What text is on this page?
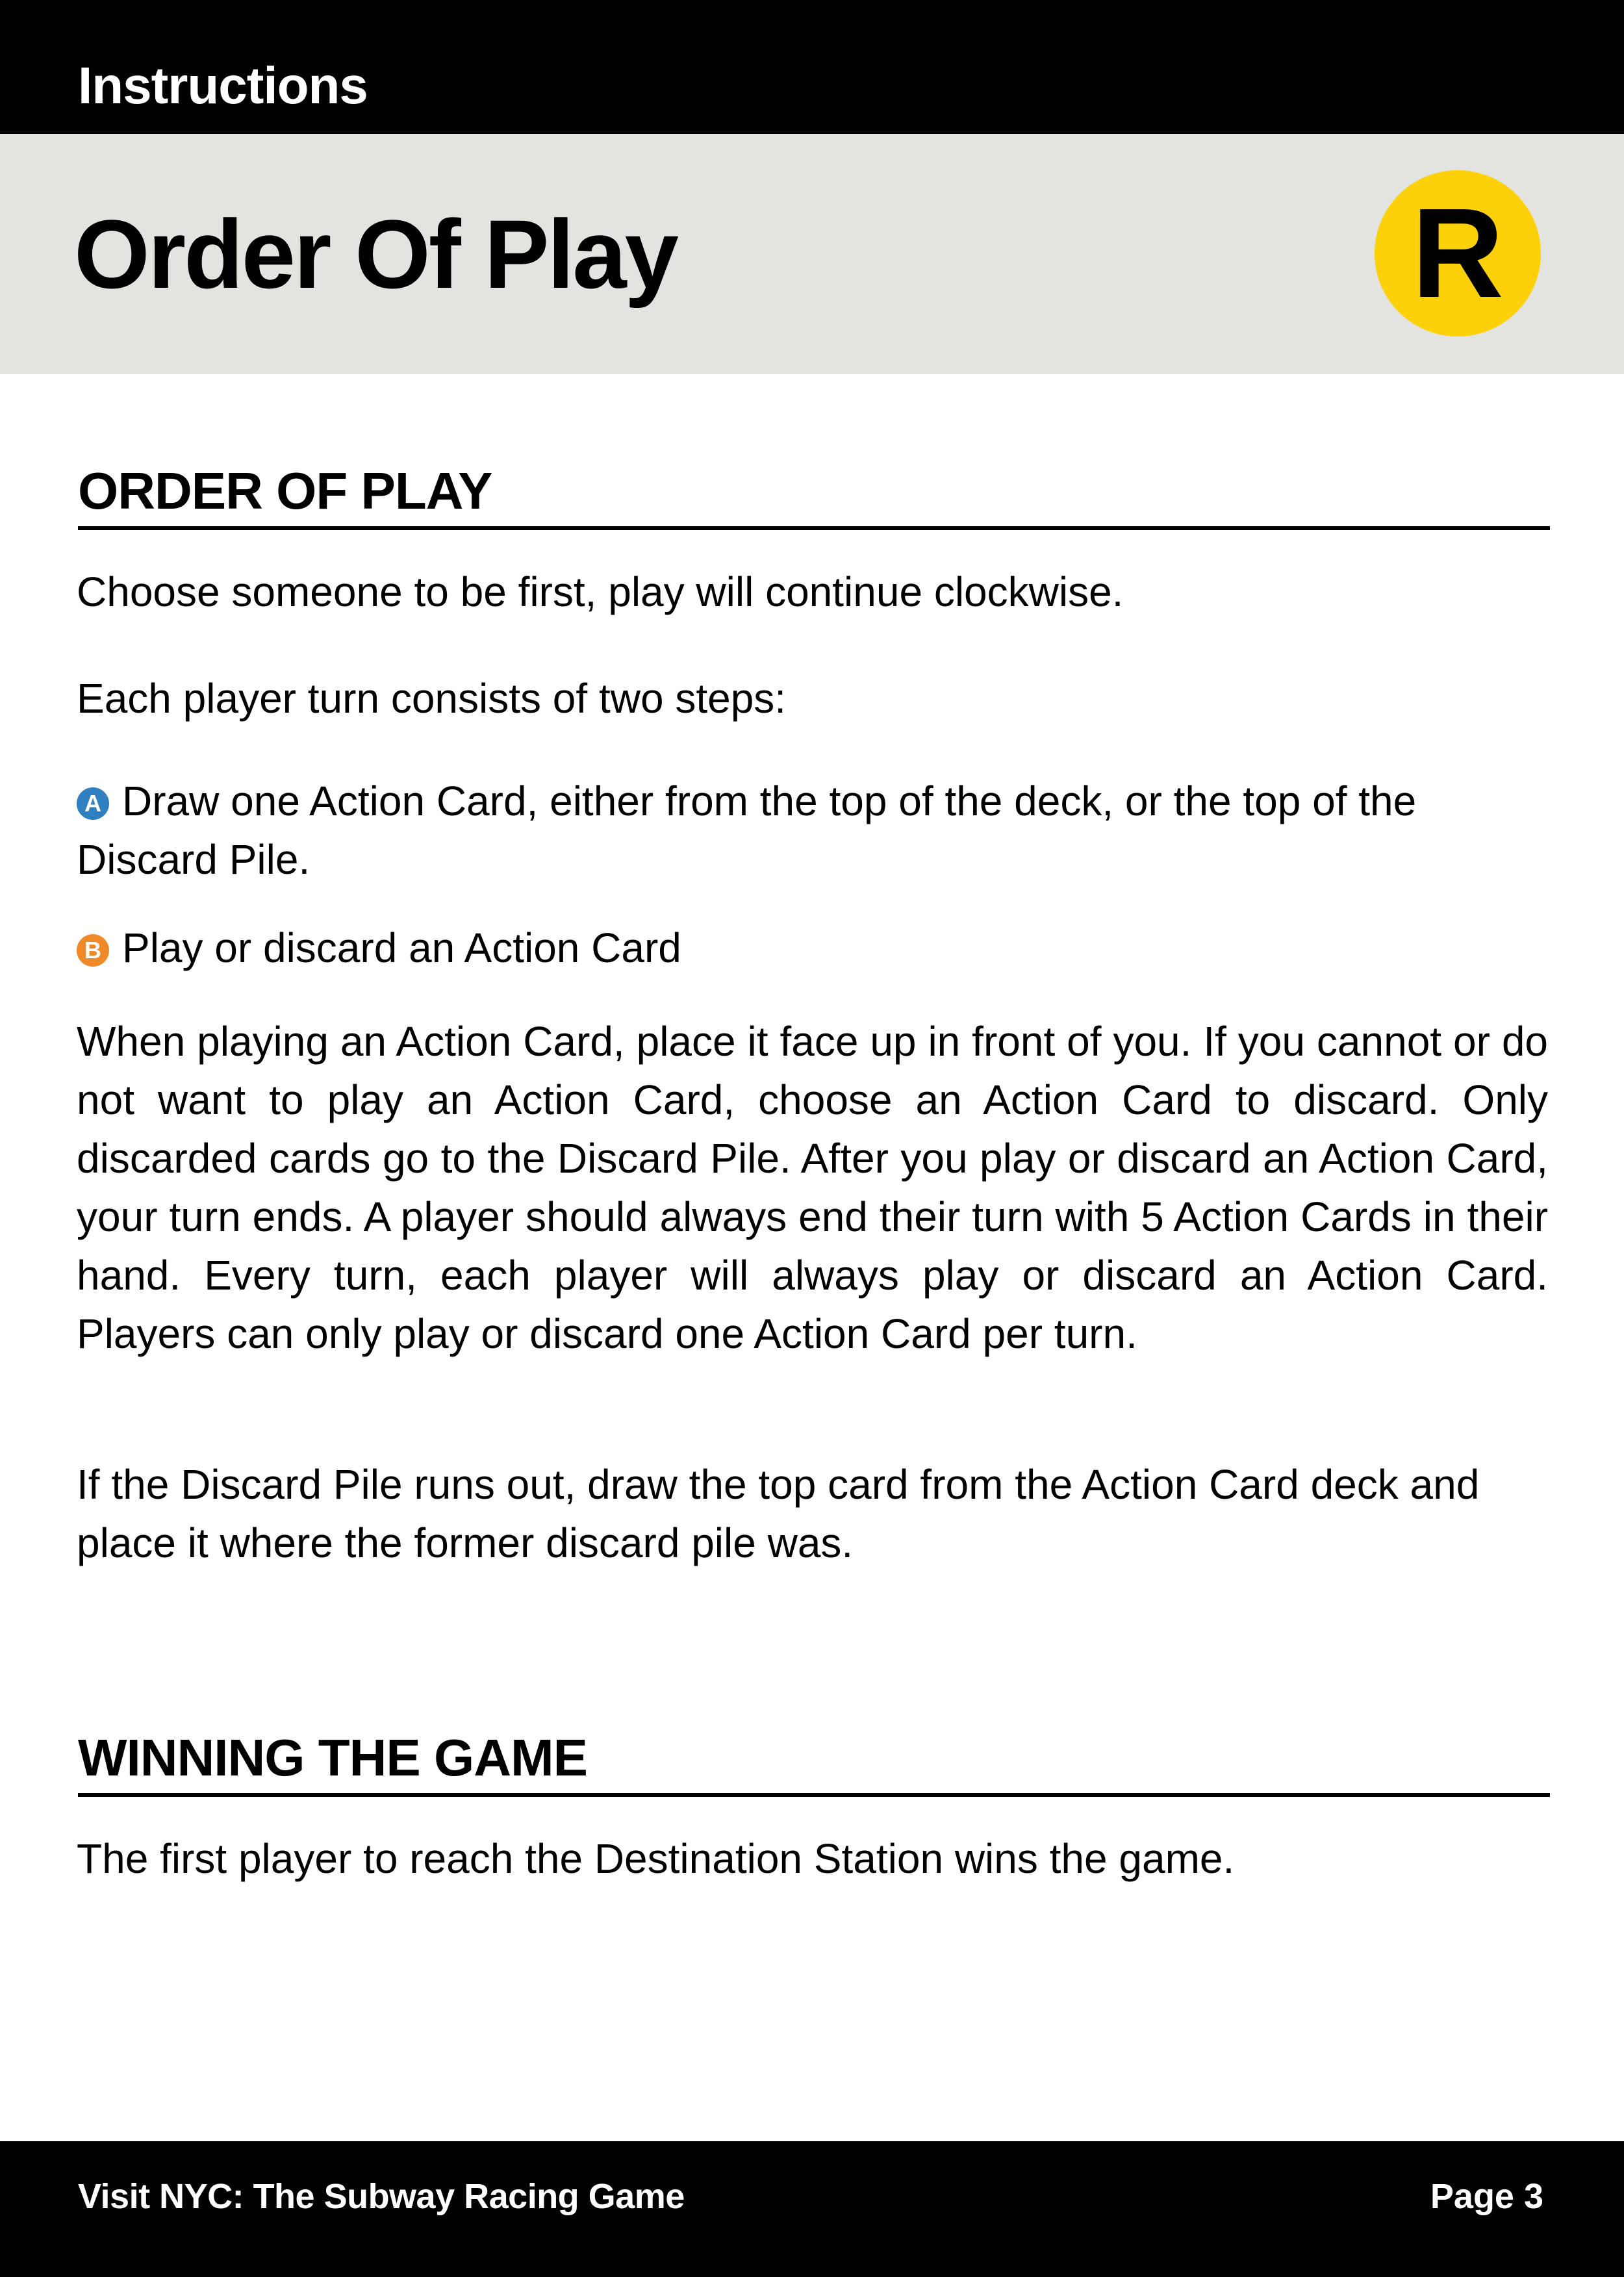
Instructions
Order Of Play	R
ORDER OF PLAY

Choose someone to be first, play will continue clockwise.

Each player turn consists of two steps:

A Draw one Action Card, either from the top of the deck, or the top of the Discard Pile.

B Play or discard an Action Card

When playing an Action Card, place it face up in front of you. If you cannot or do not want to play an Action Card, choose an Action Card to discard. Only discarded cards go to the Discard Pile. After you play or discard an Action Card, your turn ends. A player should always end their turn with 5 Action Cards in their hand. Every turn, each player will always play or discard an Action Card. Players can only play or discard one Action Card per turn.

If the Discard Pile runs out, draw the top card from the Action Card deck and place it where the former discard pile was.

WINNING THE GAME

The first player to reach the Destination Station wins the game.

Visit NYC: The Subway Racing Game	Page 3
